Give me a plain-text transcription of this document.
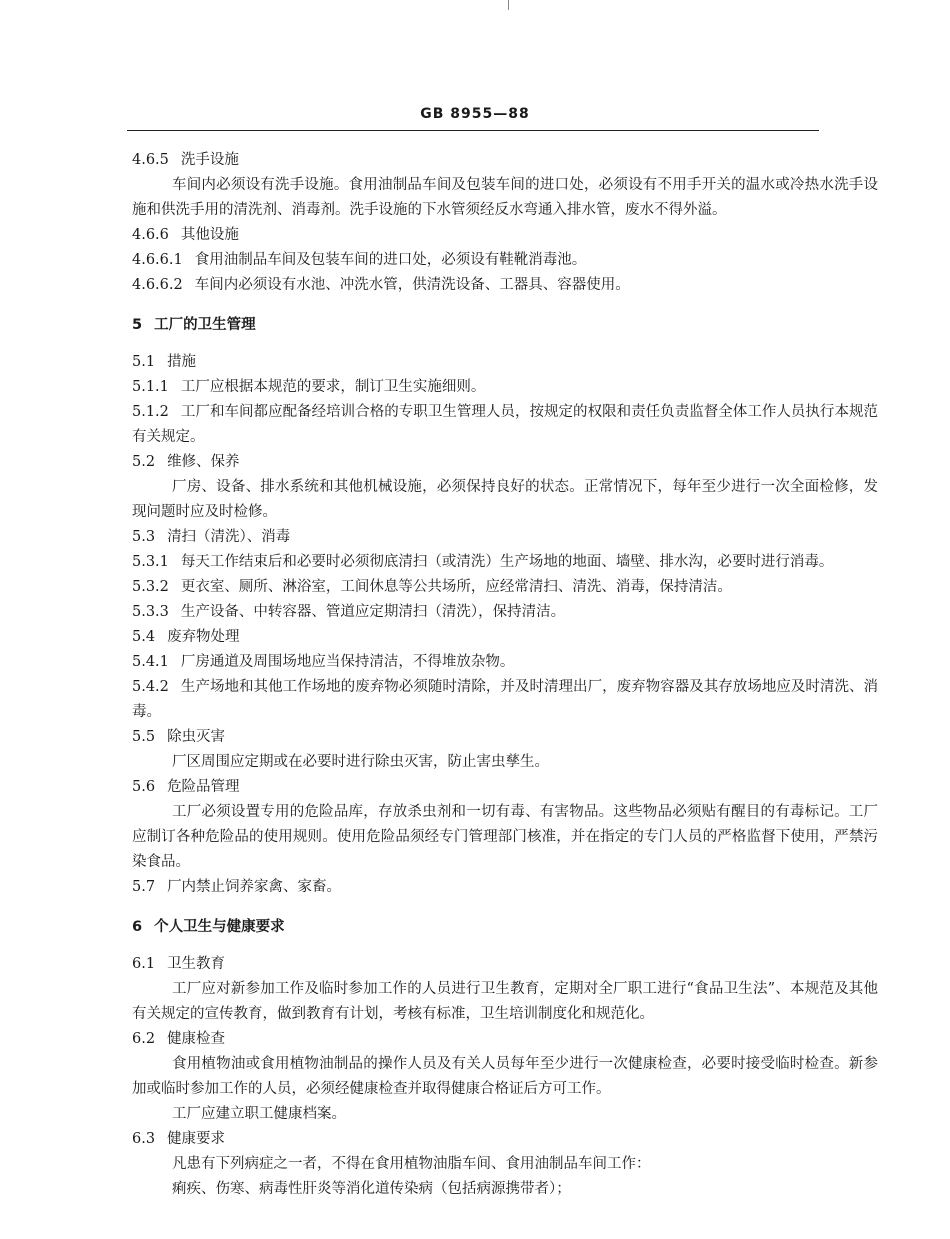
GB 8955—88

4.6.5 洗手设施

车间内必须设有洗手设施。食用油制品车间及包装车间的进口处，必须设有不用手开关的温水或冷热水洗手设施和供洗手用的清洗剂、消毒剂。洗手设施的下水管须经反水弯通入排水管，废水不得外溢。

4.6.6 其他设施

4.6.6.1 食用油制品车间及包装车间的进口处，必须设有鞋靴消毒池。

4.6.6.2 车间内必须设有水池、冲洗水管，供清洗设备、工器具、容器使用。

5 工厂的卫生管理

5.1 措施

5.1.1 工厂应根据本规范的要求，制订卫生实施细则。

5.1.2 工厂和车间都应配备经培训合格的专职卫生管理人员，按规定的权限和责任负责监督全体工作人员执行本规范有关规定。

5.2 维修、保养

厂房、设备、排水系统和其他机械设施，必须保持良好的状态。正常情况下，每年至少进行一次全面检修，发现问题时应及时检修。

5.3 清扫（清洗）、消毒

5.3.1 每天工作结束后和必要时必须彻底清扫（或清洗）生产场地的地面、墙壁、排水沟，必要时进行消毒。

5.3.2 更衣室、厕所、淋浴室，工间休息等公共场所，应经常清扫、清洗、消毒，保持清洁。

5.3.3 生产设备、中转容器、管道应定期清扫（清洗），保持清洁。

5.4 废弃物处理

5.4.1 厂房通道及周围场地应当保持清洁，不得堆放杂物。

5.4.2 生产场地和其他工作场地的废弃物必须随时清除，并及时清理出厂，废弃物容器及其存放场地应及时清洗、消毒。

5.5 除虫灭害

厂区周围应定期或在必要时进行除虫灭害，防止害虫孳生。

5.6 危险品管理

工厂必须设置专用的危险品库，存放杀虫剂和一切有毒、有害物品。这些物品必须贴有醒目的有毒标记。工厂应制订各种危险品的使用规则。使用危险品须经专门管理部门核准，并在指定的专门人员的严格监督下使用，严禁污染食品。

5.7 厂内禁止饲养家禽、家畜。

6 个人卫生与健康要求

6.1 卫生教育

工厂应对新参加工作及临时参加工作的人员进行卫生教育，定期对全厂职工进行“食品卫生法”、本规范及其他有关规定的宣传教育，做到教育有计划，考核有标准，卫生培训制度化和规范化。

6.2 健康检查

食用植物油或食用植物油制品的操作人员及有关人员每年至少进行一次健康检查，必要时接受临时检查。新参加或临时参加工作的人员，必须经健康检查并取得健康合格证后方可工作。

工厂应建立职工健康档案。

6.3 健康要求

凡患有下列病症之一者，不得在食用植物油脂车间、食用油制品车间工作：

痢疾、伤寒、病毒性肝炎等消化道传染病（包括病源携带者）；
